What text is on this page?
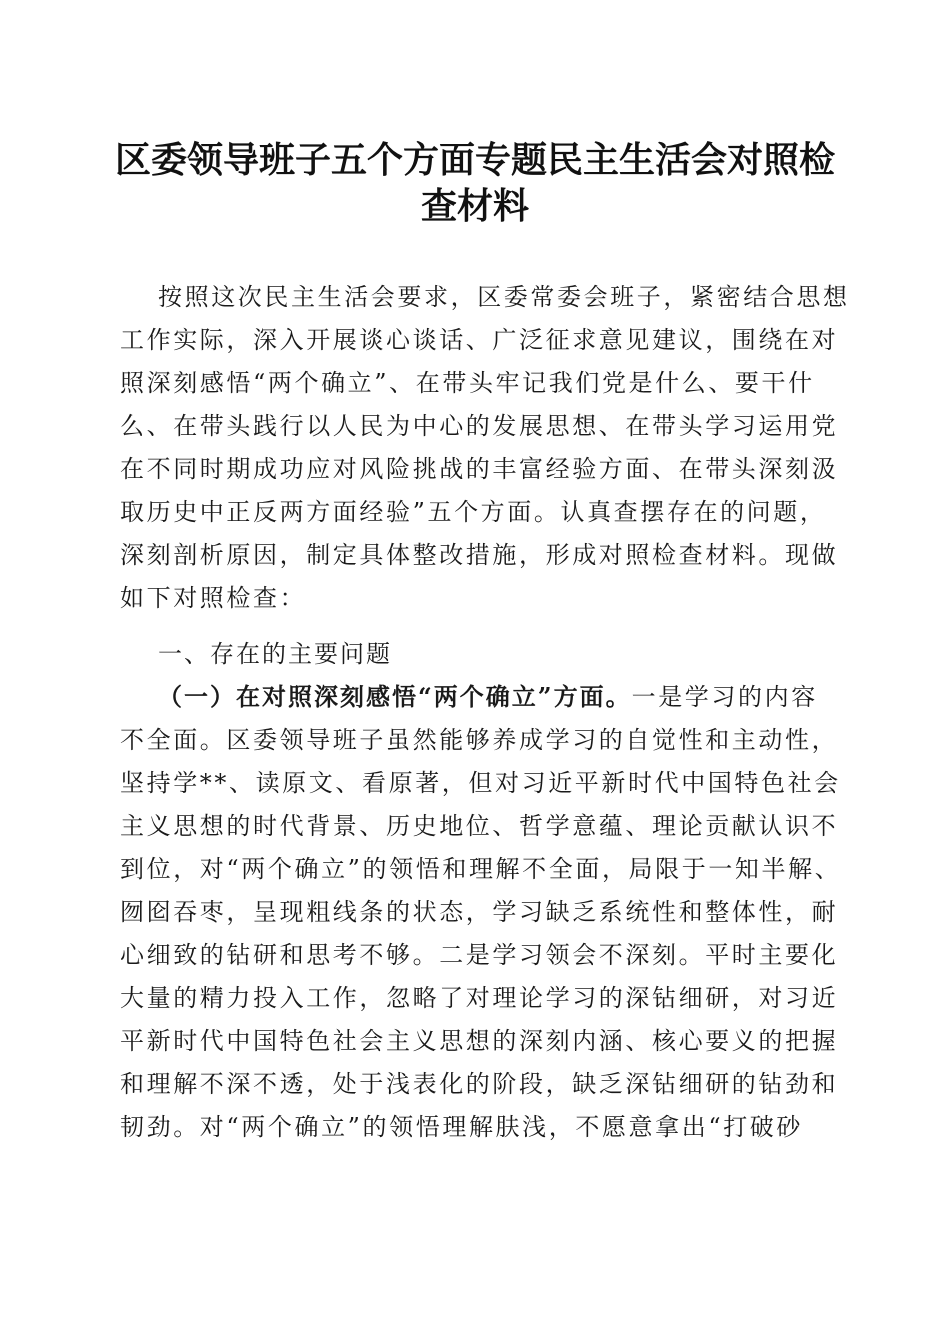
区委领导班子五个方面专题民主生活会对照检
查材料
按照这次民主生活会要求，区委常委会班子，紧密结合思想
工作实际，深入开展谈心谈话、广泛征求意见建议，围绕在对
照深刻感悟“两个确立”、在带头牢记我们党是什么、要干什
么、在带头践行以人民为中心的发展思想、在带头学习运用党
在不同时期成功应对风险挑战的丰富经验方面、在带头深刻汲
取历史中正反两方面经验”五个方面。认真查摆存在的问题，
深刻剖析原因，制定具体整改措施，形成对照检查材料。现做
如下对照检查：
一、存在的主要问题
（一）在对照深刻感悟“两个确立”方面。一是学习的内容
不全面。区委领导班子虽然能够养成学习的自觉性和主动性，
坚持学**、读原文、看原著，但对习近平新时代中国特色社会
主义思想的时代背景、历史地位、哲学意蕴、理论贡献认识不
到位，对“两个确立”的领悟和理解不全面，局限于一知半解、
囫囵吞枣，呈现粗线条的状态，学习缺乏系统性和整体性，耐
心细致的钻研和思考不够。二是学习领会不深刻。平时主要化
大量的精力投入工作，忽略了对理论学习的深钻细研，对习近
平新时代中国特色社会主义思想的深刻内涵、核心要义的把握
和理解不深不透，处于浅表化的阶段，缺乏深钻细研的钻劲和
韧劲。对“两个确立”的领悟理解肤浅，不愿意拿出“打破砂
